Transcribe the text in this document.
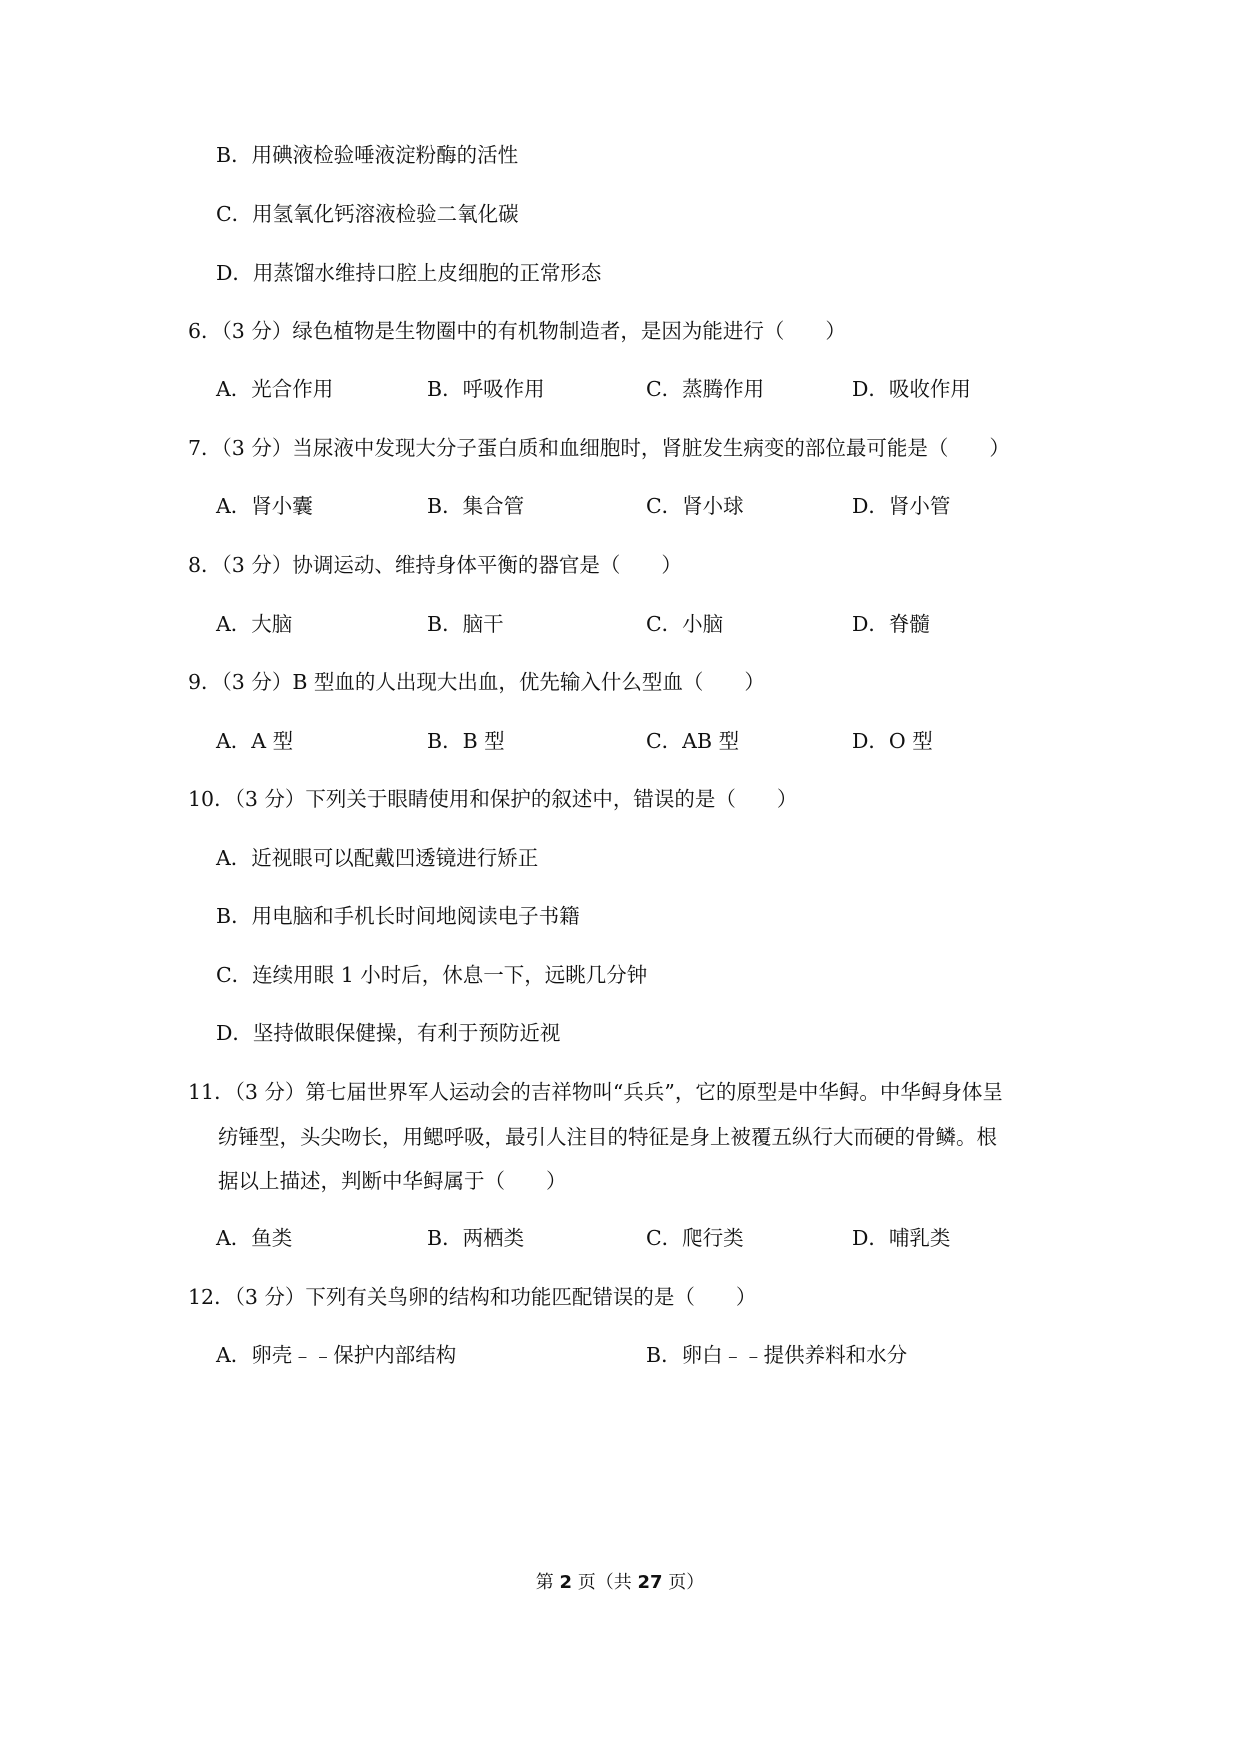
B．用碘液检验唾液淀粉酶的活性
C．用氢氧化钙溶液检验二氧化碳
D．用蒸馏水维持口腔上皮细胞的正常形态
6．（3 分）绿色植物是生物圈中的有机物制造者，是因为能进行（　　）
A．光合作用	B．呼吸作用	C．蒸腾作用	D．吸收作用
7．（3 分）当尿液中发现大分子蛋白质和血细胞时，肾脏发生病变的部位最可能是（　　）
A．肾小囊	B．集合管	C．肾小球	D．肾小管
8．（3 分）协调运动、维持身体平衡的器官是（　　）
A．大脑	B．脑干	C．小脑	D．脊髓
9．（3 分）B 型血的人出现大出血，优先输入什么型血（　　）
A．A 型	B．B 型	C．AB 型	D．O 型
10．（3 分）下列关于眼睛使用和保护的叙述中，错误的是（　　）
A．近视眼可以配戴凹透镜进行矫正
B．用电脑和手机长时间地阅读电子书籍
C．连续用眼 1 小时后，休息一下，远眺几分钟
D．坚持做眼保健操，有利于预防近视
11．（3 分）第七届世界军人运动会的吉祥物叫“兵兵”，它的原型是中华鲟。中华鲟身体呈
纺锤型，头尖吻长，用鳃呼吸，最引人注目的特征是身上被覆五纵行大而硬的骨鳞。根
据以上描述，判断中华鲟属于（　　）
A．鱼类	B．两栖类	C．爬行类	D．哺乳类
12．（3 分）下列有关鸟卵的结构和功能匹配错误的是（　　）
A．卵壳﹣﹣保护内部结构	B．卵白﹣﹣提供养料和水分
第 2 页（共 27 页）
